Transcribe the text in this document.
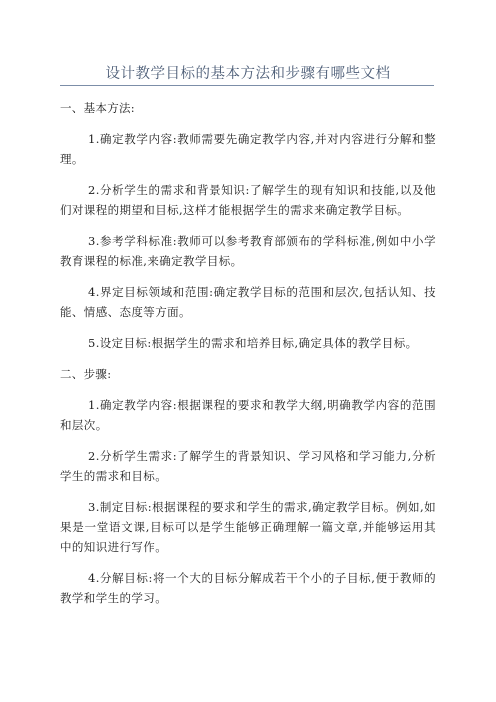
设计教学目标的基本方法和步骤有哪些文档
一、基本方法:
1.确定教学内容:教师需要先确定教学内容,并对内容进行分解和整理。
2.分析学生的需求和背景知识:了解学生的现有知识和技能,以及他们对课程的期望和目标,这样才能根据学生的需求来确定教学目标。
3.参考学科标准:教师可以参考教育部颁布的学科标准,例如中小学教育课程的标准,来确定教学目标。
4.界定目标领域和范围:确定教学目标的范围和层次,包括认知、技能、情感、态度等方面。
5.设定目标:根据学生的需求和培养目标,确定具体的教学目标。
二、步骤:
1.确定教学内容:根据课程的要求和教学大纲,明确教学内容的范围和层次。
2.分析学生需求:了解学生的背景知识、学习风格和学习能力,分析学生的需求和目标。
3.制定目标:根据课程的要求和学生的需求,确定教学目标。例如,如果是一堂语文课,目标可以是学生能够正确理解一篇文章,并能够运用其中的知识进行写作。
4.分解目标:将一个大的目标分解成若干个小的子目标,便于教师的教学和学生的学习。
